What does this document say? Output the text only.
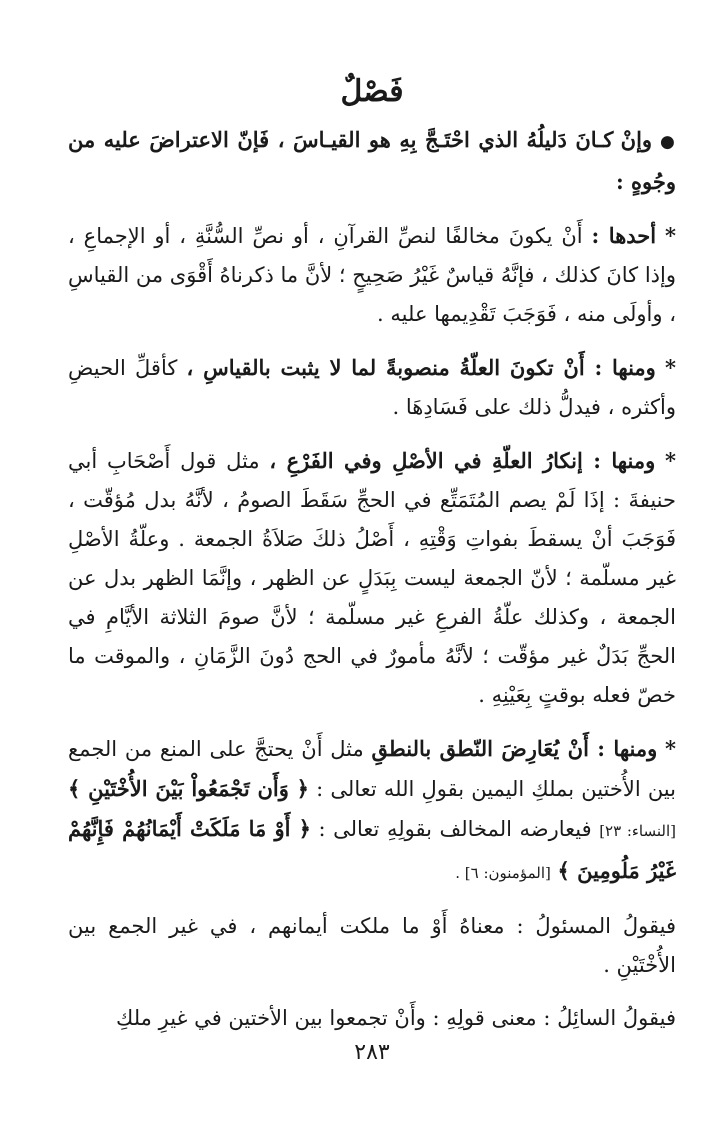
فَصْلٌ

● وإنْ كـانَ دَليلُهُ الذي احْتَـجَّ بِهِ هو القيـاسَ ، فَإنّ الاعتراضَ عليه من وجُوهٍ :

* أحدها : أَنْ يكونَ مخالفًا لنصِّ القرآنِ ، أو نصِّ السُّنَّةِ ، أو الإجماعِ ، وإذا كانَ كذلك ، فإنَّهُ قياسٌ غَيْرُ صَحِيحٍ ؛ لأنَّ ما ذكرناهُ أَقْوَى من القياسِ ، وأولَى منه ، فَوَجَبَ تَقْدِيمها عليه .

* ومنها : أَنْ تكونَ العلّةُ منصوبةً لما لا يثبت بالقياسِ ، كأقلِّ الحيضِ وأكثره ، فيدلُّ ذلك على فَسَادِهَا .

* ومنها : إنكارُ العلّةِ في الأصْلِ وفي الفَرْعِ ، مثل قول أَصْحَابِ أبي حنيفةَ : إذَا لَمْ يصم المُتَمَتِّع في الحجِّ سَقَطَ الصومُ ، لأنَّهُ بدل مُؤقّت ، فَوَجَبَ أنْ يسقطَ بفواتِ وَقْتِهِ ، أَصْلُ ذلكَ صَلاَةُ الجمعة . وعلّةُ الأصْلِ غير مسلّمة ؛ لأنّ الجمعة ليست بِبَدَلٍ عن الظهر ، وإنَّمَا الظهر بدل عن الجمعة ، وكذلك علّةُ الفرعِ غير مسلّمة ؛ لأنَّ صومَ الثلاثة الأيَّامِ في الحجِّ بَدَلٌ غير مؤقّت ؛ لأنَّهُ مأمورٌ في الحج دُونَ الزَّمَانِ ، والموقت ما خصّ فعله بوقتٍ بِعَيْنِهِ .

* ومنها : أَنْ يُعَارِضَ النّطق بالنطقِ مثل أَنْ يحتجَّ على المنع من الجمع بين الأُختين بملكِ اليمين بقولِ الله تعالى : ﴿ وَأَن تَجْمَعُواْ بَيْنَ الأُخْتَيْنِ ﴾ [النساء: ٢٣] فيعارضه المخالف بقولِهِ تعالى : ﴿ أَوْ مَا مَلَكَتْ أَيْمَانُهُمْ فَإِنَّهُمْ غَيْرُ مَلُومِينَ ﴾ [المؤمنون: ٦] .

فيقولُ المسئولُ : معناهُ أَوْ ما ملكت أيمانهم ، في غير الجمع بين الأُخْتَيْنِ .

فيقولُ السائِلُ : معنى قولِهِ : وأَنْ تجمعوا بين الأختين في غيرِ ملكِ

٢٨٣
